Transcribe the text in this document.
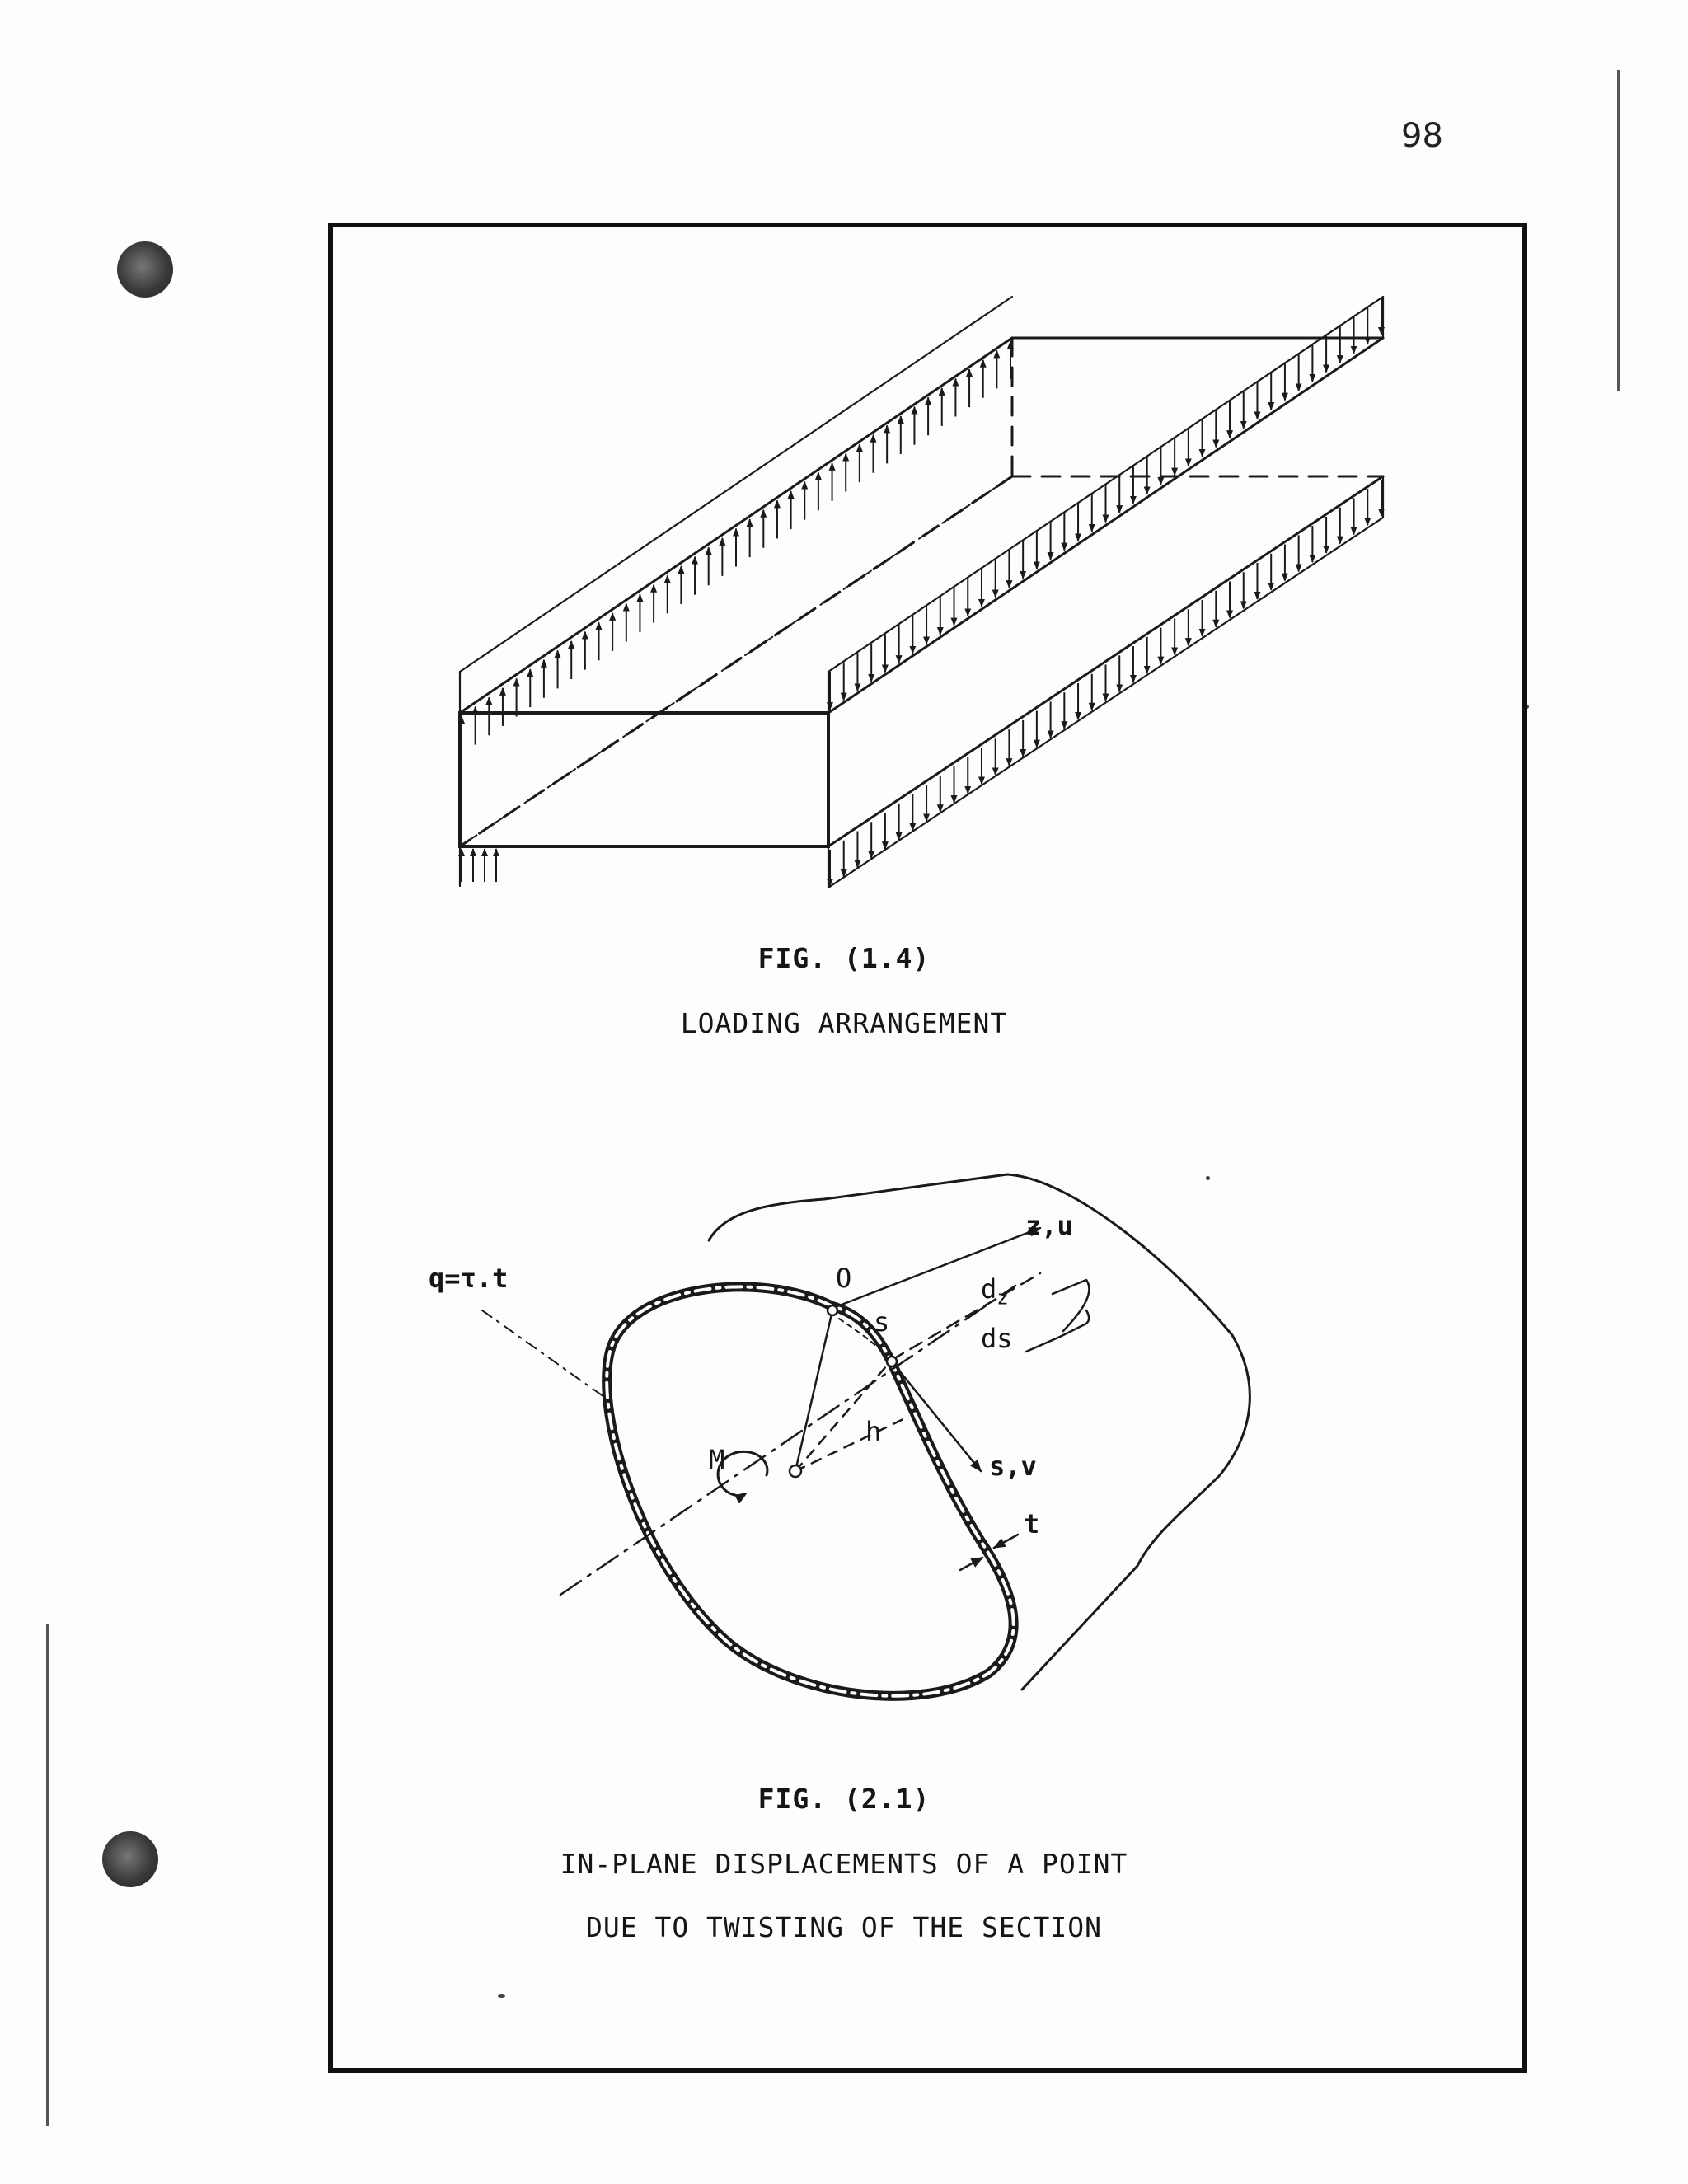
98
FIG. (1.4)
LOADING ARRANGEMENT
q=τ.t	O
z,u
$d_z$
ds
s
h
M	s,v
t
FIG. (2.1)
IN-PLANE DISPLACEMENTS OF A POINT
DUE TO TWISTING OF THE SECTION
